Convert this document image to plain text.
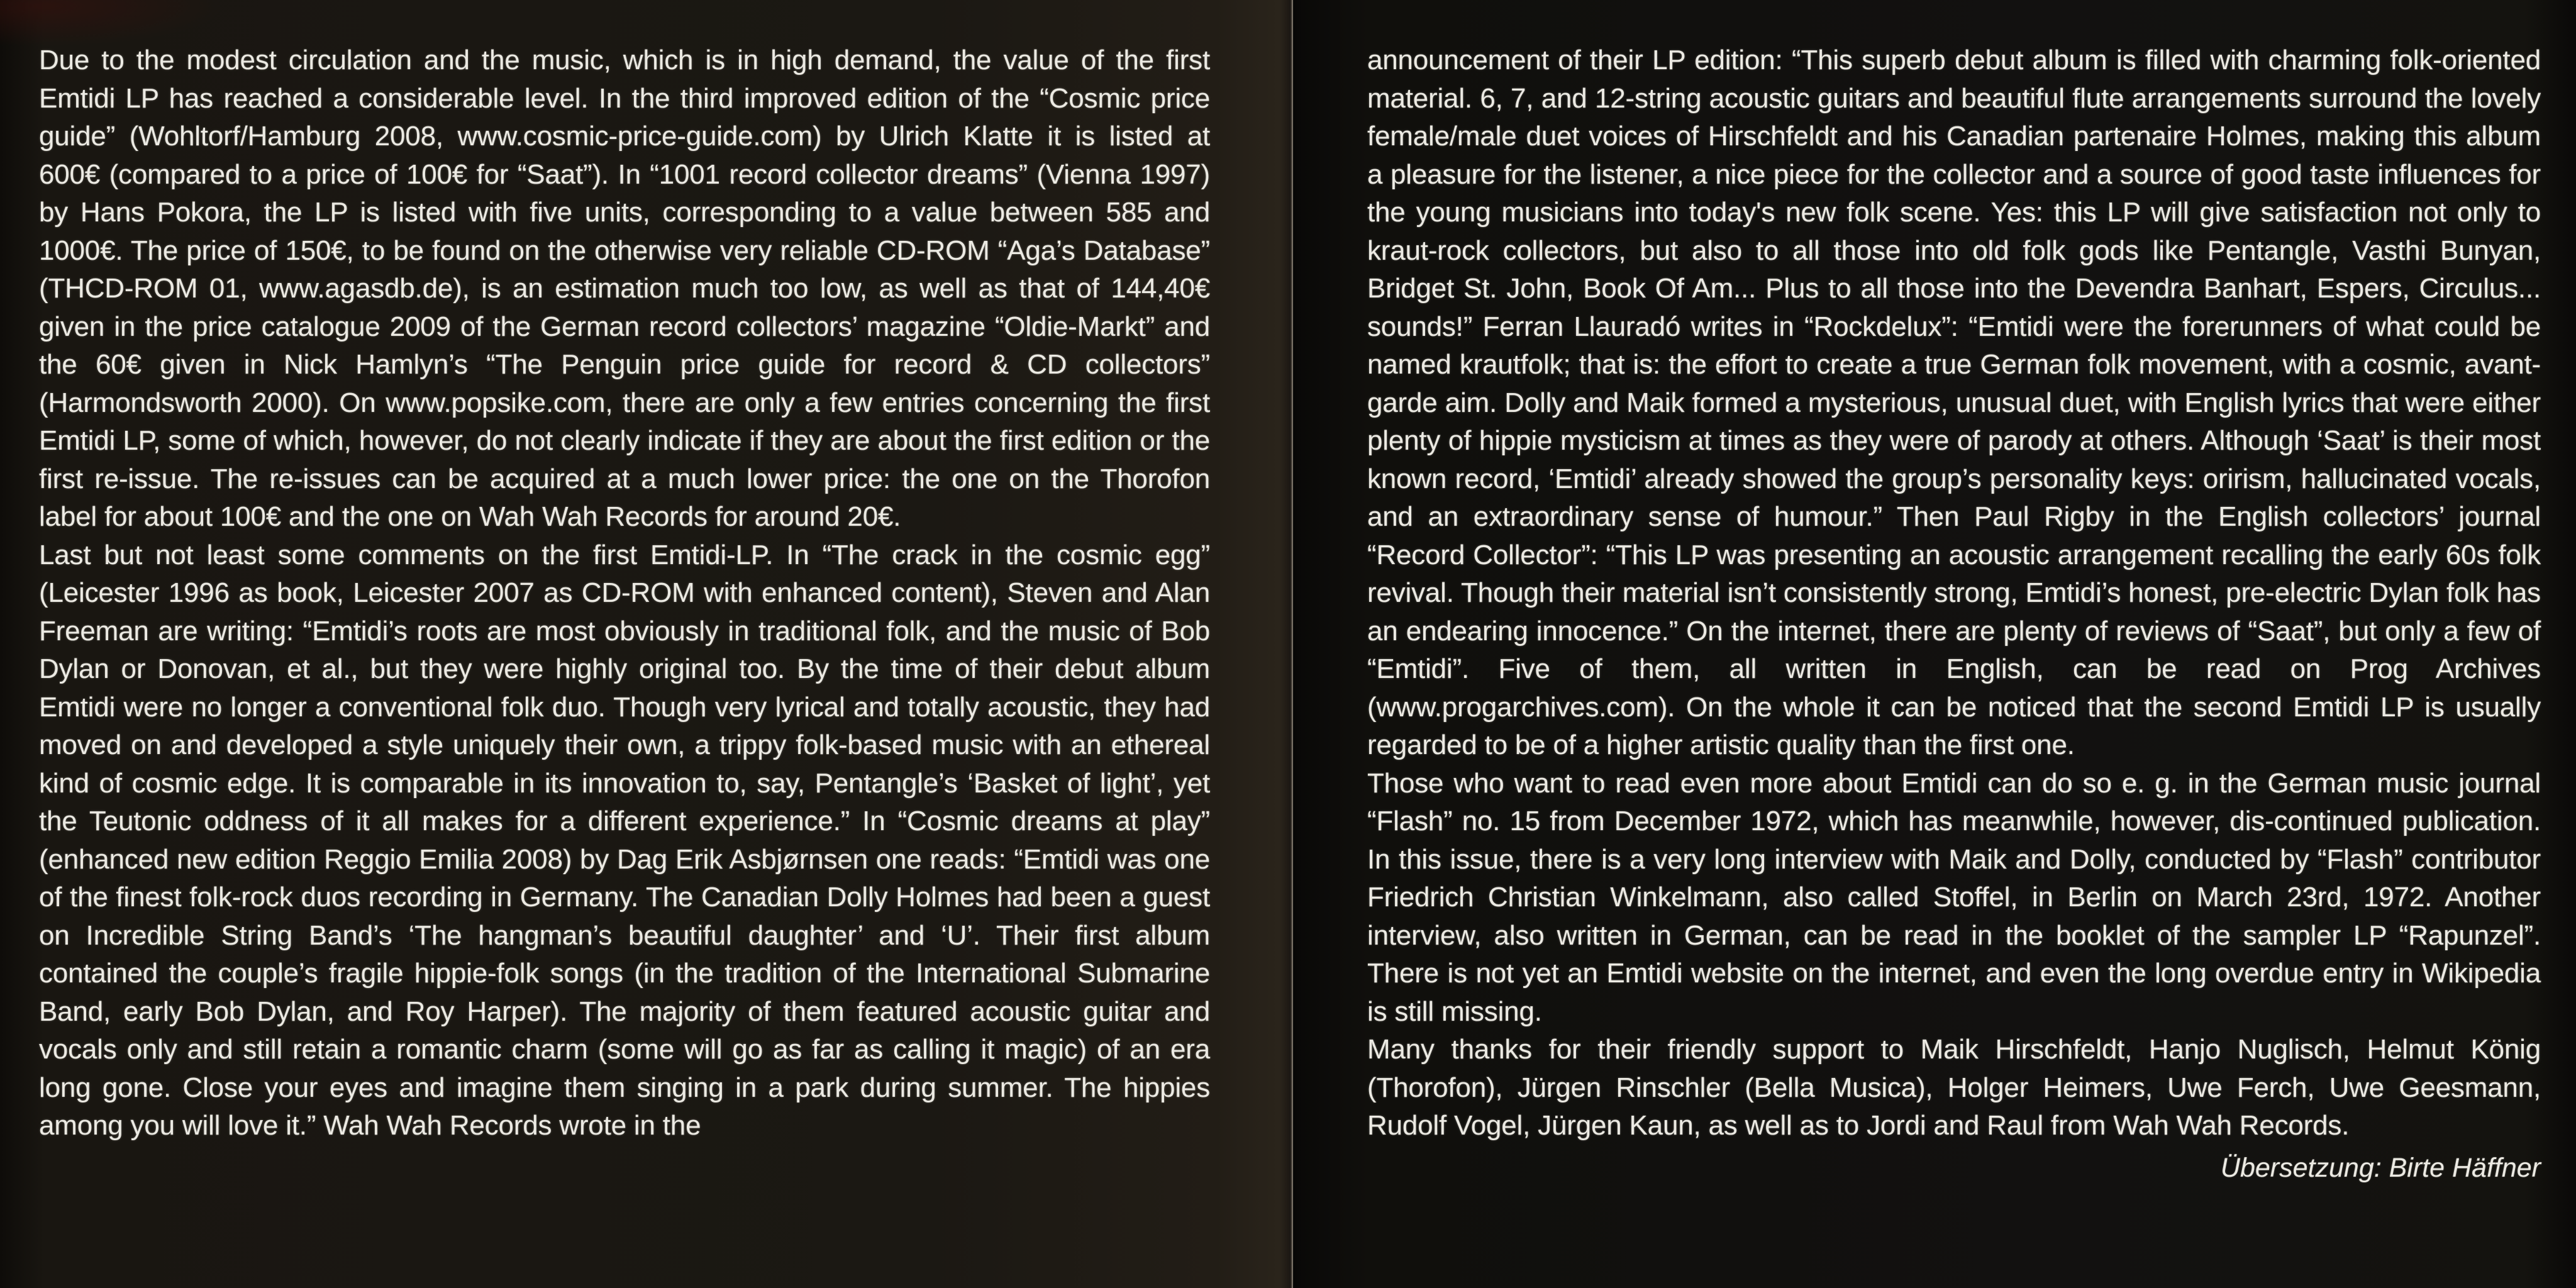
Due to the modest circulation and the music, which is in high demand, the value of the first Emtidi LP has reached a considerable level. In the third improved edition of the “Cosmic price guide” (Wohltorf/Hamburg 2008, www.cosmic-price-guide.com) by Ulrich Klatte it is listed at 600€ (compared to a price of 100€ for “Saat”). In “1001 record collector dreams” (Vienna 1997) by Hans Pokora, the LP is listed with five units, corresponding to a value between 585 and 1000€. The price of 150€, to be found on the otherwise very reliable CD-ROM “Aga’s Database” (THCD-ROM 01, www.agasdb.de), is an estimation much too low, as well as that of 144,40€ given in the price catalogue 2009 of the German record collectors’ magazine “Oldie-Markt” and the 60€ given in Nick Hamlyn’s “The Penguin price guide for record & CD collectors” (Harmondsworth 2000). On www.popsike.com, there are only a few entries concerning the first Emtidi LP, some of which, however, do not clearly indicate if they are about the first edition or the first re-issue. The re-issues can be acquired at a much lower price: the one on the Thorofon label for about 100€ and the one on Wah Wah Records for around 20€.

Last but not least some comments on the first Emtidi-LP. In “The crack in the cosmic egg” (Leicester 1996 as book, Leicester 2007 as CD-ROM with enhanced content), Steven and Alan Freeman are writing: “Emtidi’s roots are most obviously in traditional folk, and the music of Bob Dylan or Donovan, et al., but they were highly original too. By the time of their debut album Emtidi were no longer a conventional folk duo. Though very lyrical and totally acoustic, they had moved on and developed a style uniquely their own, a trippy folk-based music with an ethereal kind of cosmic edge. It is comparable in its innovation to, say, Pentangle’s ‘Basket of light’, yet the Teutonic oddness of it all makes for a different experience.” In “Cosmic dreams at play” (enhanced new edition Reggio Emilia 2008) by Dag Erik Asbjørnsen one reads: “Emtidi was one of the finest folk-rock duos recording in Germany. The Canadian Dolly Holmes had been a guest on Incredible String Band’s ‘The hangman’s beautiful daughter’ and ‘U’. Their first album contained the couple’s fragile hippie-folk songs (in the tradition of the International Submarine Band, early Bob Dylan, and Roy Harper). The majority of them featured acoustic guitar and vocals only and still retain a romantic charm (some will go as far as calling it magic) of an era long gone. Close your eyes and imagine them singing in a park during summer. The hippies among you will love it.” Wah Wah Records wrote in the

announcement of their LP edition: “This superb debut album is filled with charming folk-oriented material. 6, 7, and 12-string acoustic guitars and beautiful flute arrangements surround the lovely female/male duet voices of Hirschfeldt and his Canadian partenaire Holmes, making this album a pleasure for the listener, a nice piece for the collector and a source of good taste influences for the young musicians into today's new folk scene. Yes: this LP will give satisfaction not only to kraut-rock collectors, but also to all those into old folk gods like Pentangle, Vasthi Bunyan, Bridget St. John, Book Of Am... Plus to all those into the Devendra Banhart, Espers, Circulus... sounds!” Ferran Llauradó writes in “Rockdelux”: “Emtidi were the forerunners of what could be named krautfolk; that is: the effort to create a true German folk movement, with a cosmic, avant-garde aim. Dolly and Maik formed a mysterious, unusual duet, with English lyrics that were either plenty of hippie mysticism at times as they were of parody at others. Although ‘Saat’ is their most known record, ‘Emtidi’ already showed the group’s personality keys: orirism, hallucinated vocals, and an extraordinary sense of humour.” Then Paul Rigby in the English collectors’ journal “Record Collector”: “This LP was presenting an acoustic arrangement recalling the early 60s folk revival. Though their material isn’t consistently strong, Emtidi’s honest, pre-electric Dylan folk has an endearing innocence.” On the internet, there are plenty of reviews of “Saat”, but only a few of “Emtidi”. Five of them, all written in English, can be read on Prog Archives (www.progarchives.com). On the whole it can be noticed that the second Emtidi LP is usually regarded to be of a higher artistic quality than the first one.

Those who want to read even more about Emtidi can do so e. g. in the German music journal “Flash” no. 15 from December 1972, which has meanwhile, however, dis-continued publication. In this issue, there is a very long interview with Maik and Dolly, conducted by “Flash” contributor Friedrich Christian Winkelmann, also called Stoffel, in Berlin on March 23rd, 1972. Another interview, also written in German, can be read in the booklet of the sampler LP “Rapunzel”. There is not yet an Emtidi website on the internet, and even the long overdue entry in Wikipedia is still missing.

Many thanks for their friendly support to Maik Hirschfeldt, Hanjo Nuglisch, Helmut König (Thorofon), Jürgen Rinschler (Bella Musica), Holger Heimers, Uwe Ferch, Uwe Geesmann, Rudolf Vogel, Jürgen Kaun, as well as to Jordi and Raul from Wah Wah Records.

Übersetzung: Birte Häffner
